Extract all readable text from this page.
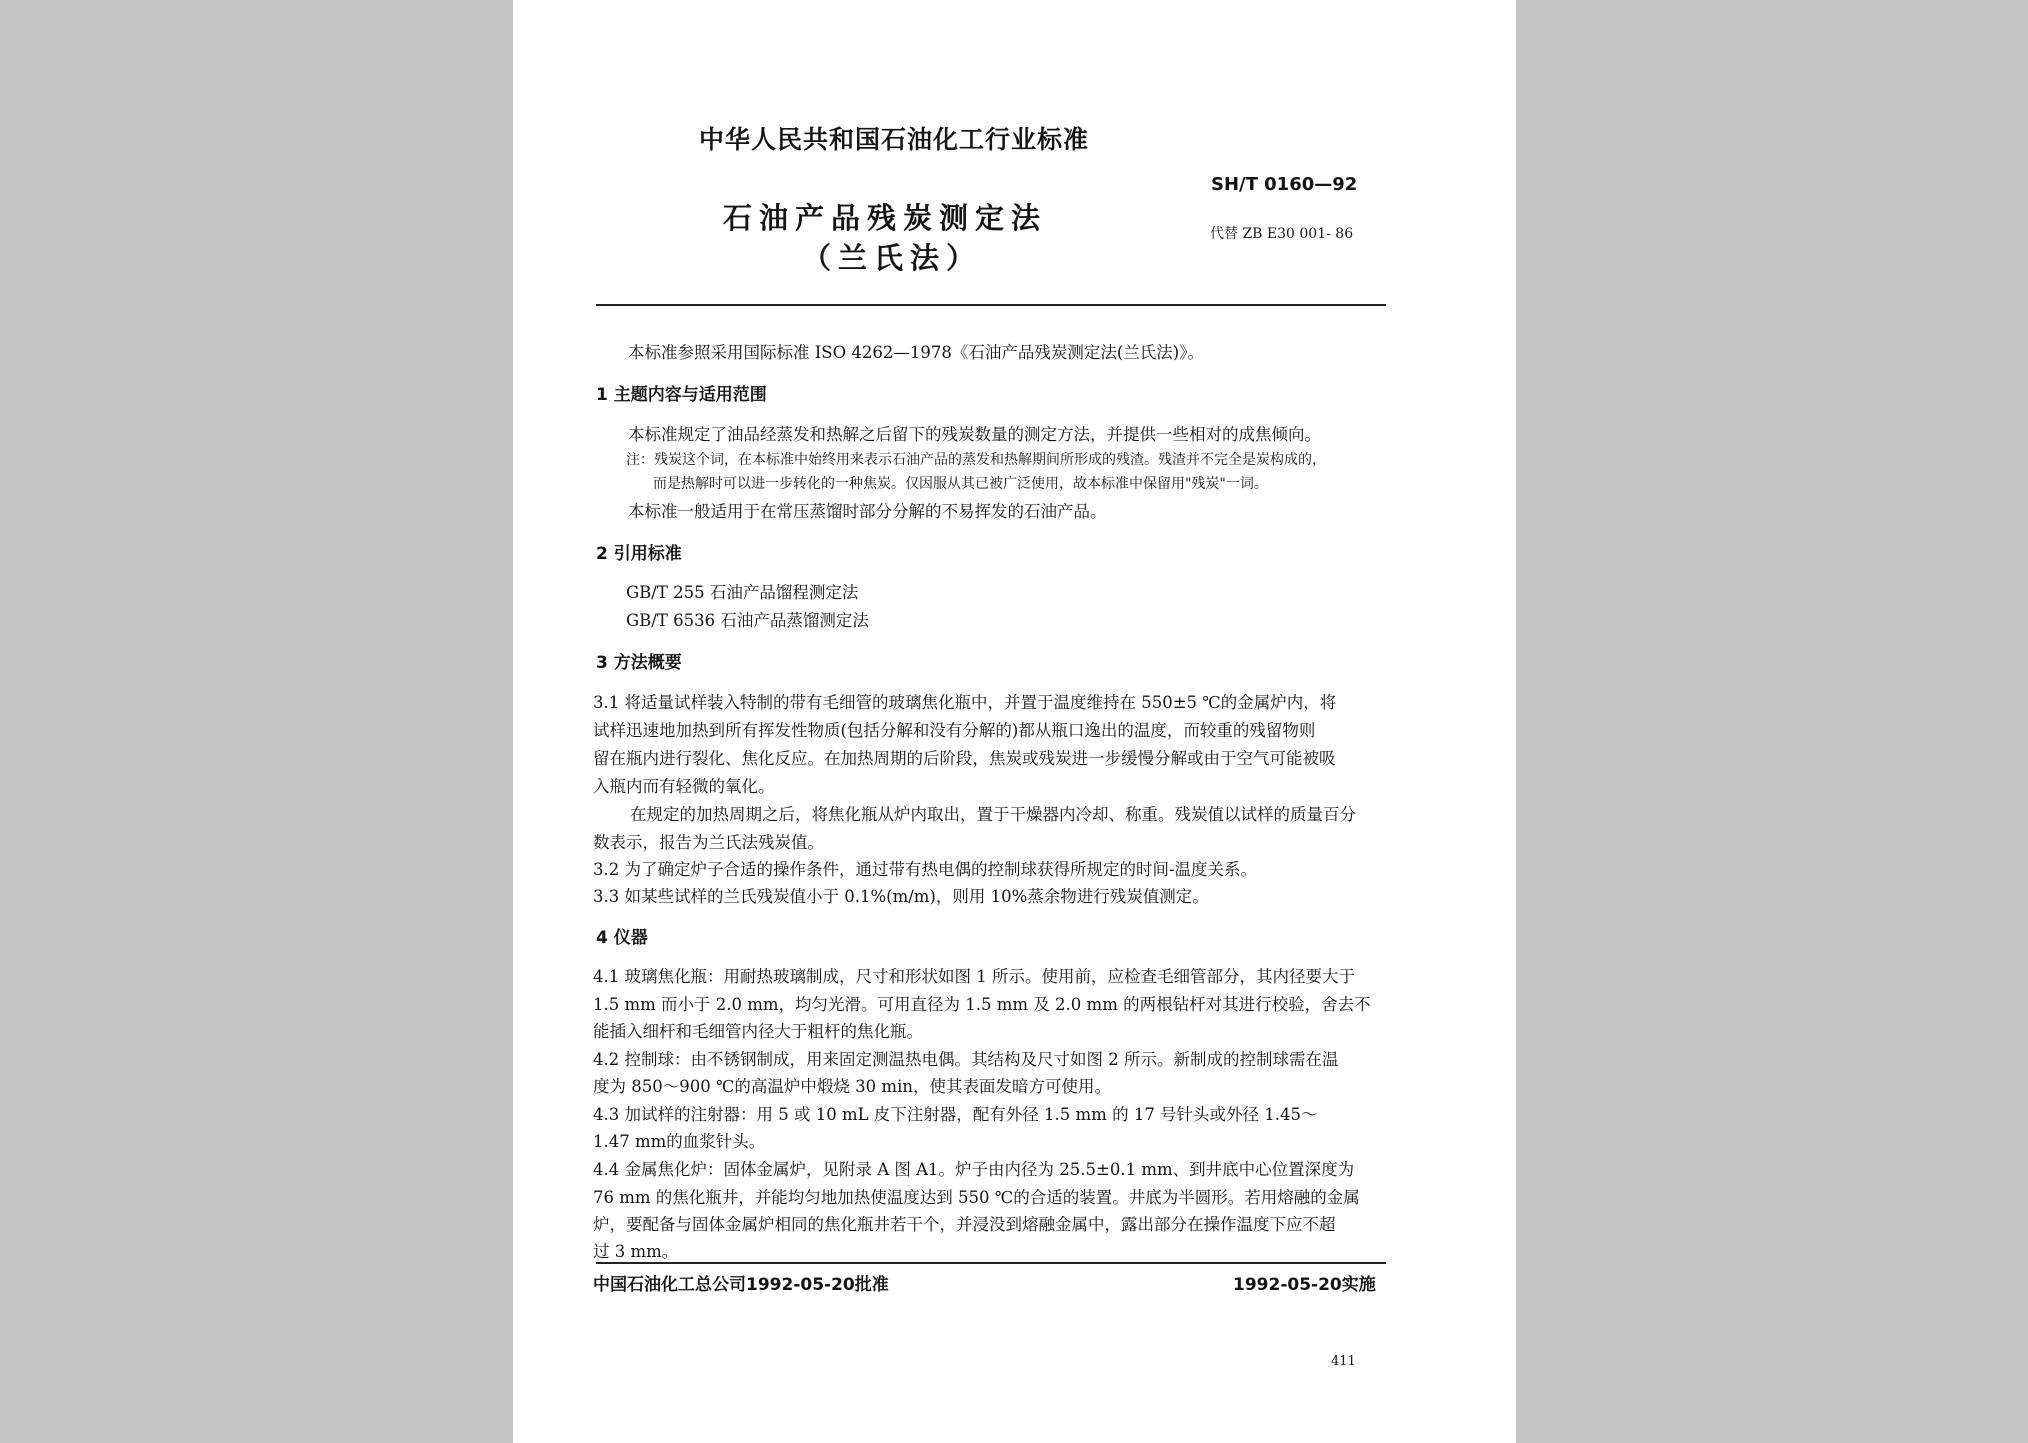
中华人民共和国石油化工行业标准
SH/T 0160—92
石油产品残炭测定法	代替 ZB E30 001- 86
（兰氏法）
本标准参照采用国际标准 ISO 4262—1978《石油产品残炭测定法(兰氏法)》。
1 主题内容与适用范围
本标准规定了油品经蒸发和热解之后留下的残炭数量的测定方法，并提供一些相对的成焦倾向。
注：残炭这个词，在本标准中始终用来表示石油产品的蒸发和热解期间所形成的残渣。残渣并不完全是炭构成的，
而是热解时可以进一步转化的一种焦炭。仅因服从其已被广泛使用，故本标准中保留用"残炭"一词。
本标准一般适用于在常压蒸馏时部分分解的不易挥发的石油产品。
2 引用标准
GB/T 255 石油产品馏程测定法
GB/T 6536 石油产品蒸馏测定法
3 方法概要
3.1 将适量试样装入特制的带有毛细管的玻璃焦化瓶中，并置于温度维持在 550±5 ℃的金属炉内，将
试样迅速地加热到所有挥发性物质(包括分解和没有分解的)都从瓶口逸出的温度，而较重的残留物则
留在瓶内进行裂化、焦化反应。在加热周期的后阶段，焦炭或残炭进一步缓慢分解或由于空气可能被吸
入瓶内而有轻微的氧化。
在规定的加热周期之后，将焦化瓶从炉内取出，置于干燥器内冷却、称重。残炭值以试样的质量百分
数表示，报告为兰氏法残炭值。
3.2 为了确定炉子合适的操作条件，通过带有热电偶的控制球获得所规定的时间-温度关系。
3.3 如某些试样的兰氏残炭值小于 0.1%(m/m)，则用 10%蒸余物进行残炭值测定。
4 仪器
4.1 玻璃焦化瓶：用耐热玻璃制成，尺寸和形状如图 1 所示。使用前，应检查毛细管部分，其内径要大于
1.5 mm 而小于 2.0 mm，均匀光滑。可用直径为 1.5 mm 及 2.0 mm 的两根钻杆对其进行校验，舍去不
能插入细杆和毛细管内径大于粗杆的焦化瓶。
4.2 控制球：由不锈钢制成，用来固定测温热电偶。其结构及尺寸如图 2 所示。新制成的控制球需在温
度为 850～900 ℃的高温炉中煅烧 30 min，使其表面发暗方可使用。
4.3 加试样的注射器：用 5 或 10 mL 皮下注射器，配有外径 1.5 mm 的 17 号针头或外径 1.45～
1.47 mm的血浆针头。
4.4 金属焦化炉：固体金属炉，见附录 A 图 A1。炉子由内径为 25.5±0.1 mm、到井底中心位置深度为
76 mm 的焦化瓶井，并能均匀地加热使温度达到 550 ℃的合适的装置。井底为半圆形。若用熔融的金属
炉，要配备与固体金属炉相同的焦化瓶井若干个，并浸没到熔融金属中，露出部分在操作温度下应不超
过 3 mm。
中国石油化工总公司1992-05-20批准	1992-05-20实施
411
